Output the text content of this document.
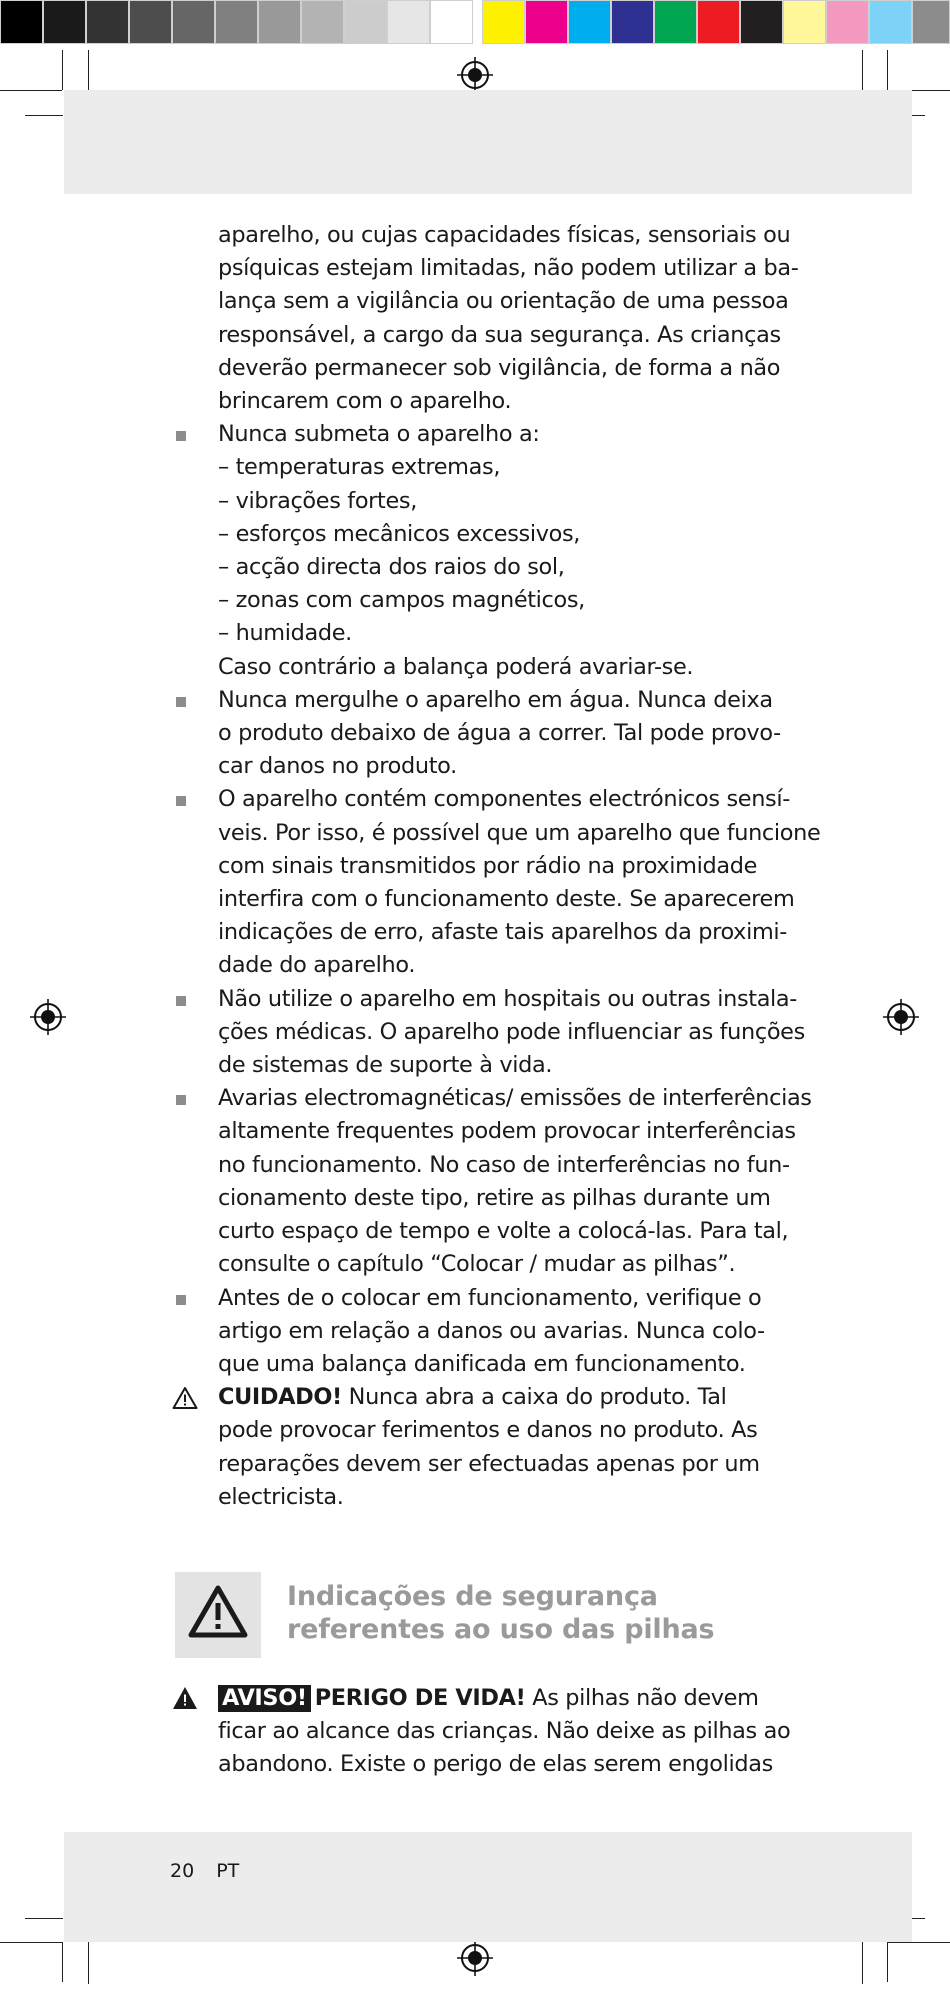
aparelho, ou cujas capacidades físicas, sensoriais ou
psíquicas estejam limitadas, não podem utilizar a ba-
lança sem a vigilância ou orientação de uma pessoa
responsável, a cargo da sua segurança. As crianças
deverão permanecer sob vigilância, de forma a não
brincarem com o aparelho.
Nunca submeta o aparelho a:
– temperaturas extremas,
– vibrações fortes,
– esforços mecânicos excessivos,
– acção directa dos raios do sol,
– zonas com campos magnéticos,
– humidade.
Caso contrário a balança poderá avariar-se.
Nunca mergulhe o aparelho em água. Nunca deixa
o produto debaixo de água a correr. Tal pode provo-
car danos no produto.
O aparelho contém componentes electrónicos sensí-
veis. Por isso, é possível que um aparelho que funcione
com sinais transmitidos por rádio na proximidade
interfira com o funcionamento deste. Se aparecerem
indicações de erro, afaste tais aparelhos da proximi-
dade do aparelho.
Não utilize o aparelho em hospitais ou outras instala-
ções médicas. O aparelho pode influenciar as funções
de sistemas de suporte à vida.
Avarias electromagnéticas/ emissões de interferências
altamente frequentes podem provocar interferências
no funcionamento. No caso de interferências no fun-
cionamento deste tipo, retire as pilhas durante um
curto espaço de tempo e volte a colocá-las. Para tal,
consulte o capítulo “Colocar / mudar as pilhas”.
Antes de o colocar em funcionamento, verifique o
artigo em relação a danos ou avarias. Nunca colo-
que uma balança danificada em funcionamento.
CUIDADO! Nunca abra a caixa do produto. Tal
pode provocar ferimentos e danos no produto. As
reparações devem ser efectuadas apenas por um
electricista.
Indicações de segurança
referentes ao uso das pilhas
AVISO! PERIGO DE VIDA! As pilhas não devem
ficar ao alcance das crianças. Não deixe as pilhas ao
abandono. Existe o perigo de elas serem engolidas
20 PT
